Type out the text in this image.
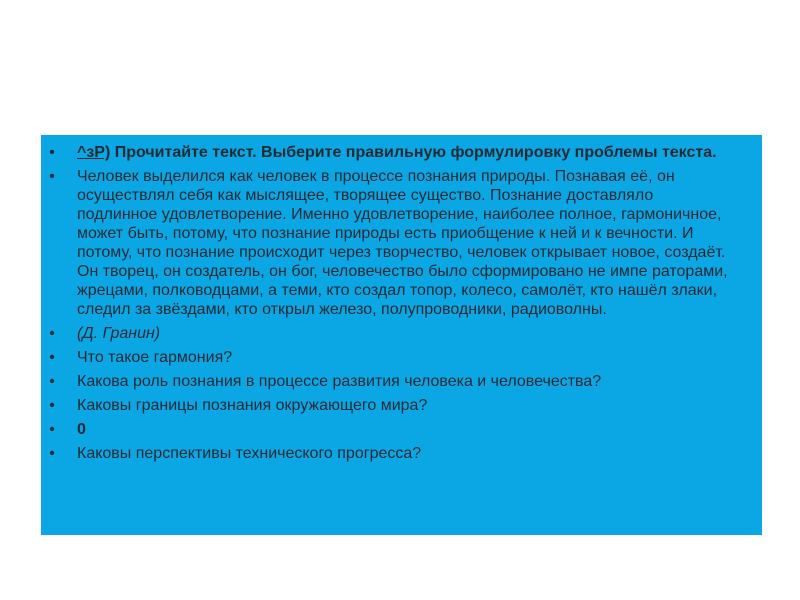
• ^зР) Прочитайте текст. Выберите правильную формулировку проблемы текста.
• Человек выделился как человек в процессе познания природы. Познавая её, он осуществлял себя как мыслящее, творящее существо. Познание доставляло подлинное удовлетворение. Именно удовлетворение, наиболее полное, гармоничное, может быть, потому, что познание природы есть приобщение к ней и к вечности. И потому, что познание происходит через творчество, человек открывает новое, создаёт. Он творец, он создатель, он бог, человечество было сформировано не импе раторами, жрецами, полководцами, а теми, кто создал топор, колесо, самолёт, кто нашёл злаки, следил за звёздами, кто открыл железо, полупроводники, радиоволны.
• (Д. Гранин)
• Что такое гармония?
• Какова роль познания в процессе развития человека и человечества?
• Каковы границы познания окружающего мира?
• 0
• Каковы перспективы технического прогресса?
